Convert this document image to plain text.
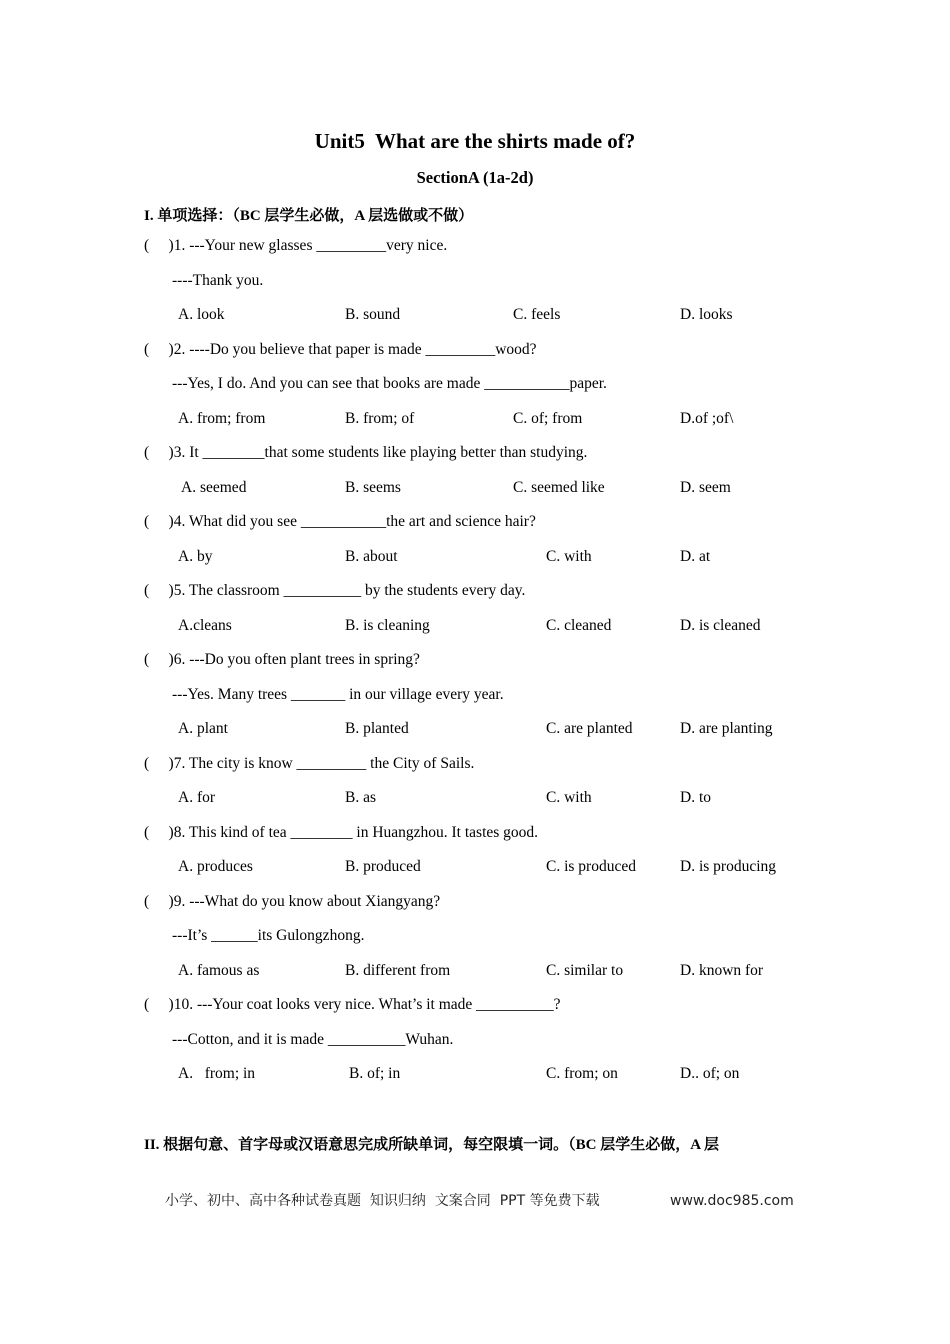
Unit5  What are the shirts made of?
SectionA (1a-2d)
I. 单项选择：（BC 层学生必做，A 层选做或不做）
(     )1. ---Your new glasses _________very nice.
----Thank you.
A. look	B. sound	C. feels	D. looks
(     )2. ----Do you believe that paper is made _________wood?
---Yes, I do. And you can see that books are made ___________paper.
A. from; from	B. from; of	C. of; from	D.of ;of\
(     )3. It ________that some students like playing better than studying.
A. seemed	B. seems	C. seemed like	D. seem
(     )4. What did you see ___________the art and science hair?
A. by	B. about	C. with	D. at
(     )5. The classroom __________ by the students every day.
A.cleans	B. is cleaning	C. cleaned	D. is cleaned
(     )6. ---Do you often plant trees in spring?
---Yes. Many trees _______ in our village every year.
A. plant	B. planted	C. are planted	D. are planting
(     )7. The city is know _________ the City of Sails.
A. for	B. as	C. with	D. to
(     )8. This kind of tea ________ in Huangzhou. It tastes good.
A. produces	B. produced	C. is produced	D. is producing
(     )9. ---What do you know about Xiangyang?
---It’s ______its Gulongzhong.
A. famous as	B. different from	C. similar to	D. known for
(     )10. ---Your coat looks very nice. What’s it made __________?
---Cotton, and it is made __________Wuhan.
A.   from; in	B. of; in	C. from; on	D.. of; on
II. 根据句意、首字母或汉语意思完成所缺单词，每空限填一词。（BC 层学生必做，A 层
小学、初中、高中各种试卷真题  知识归纳  文案合同  PPT 等免费下载	www.doc985.com
